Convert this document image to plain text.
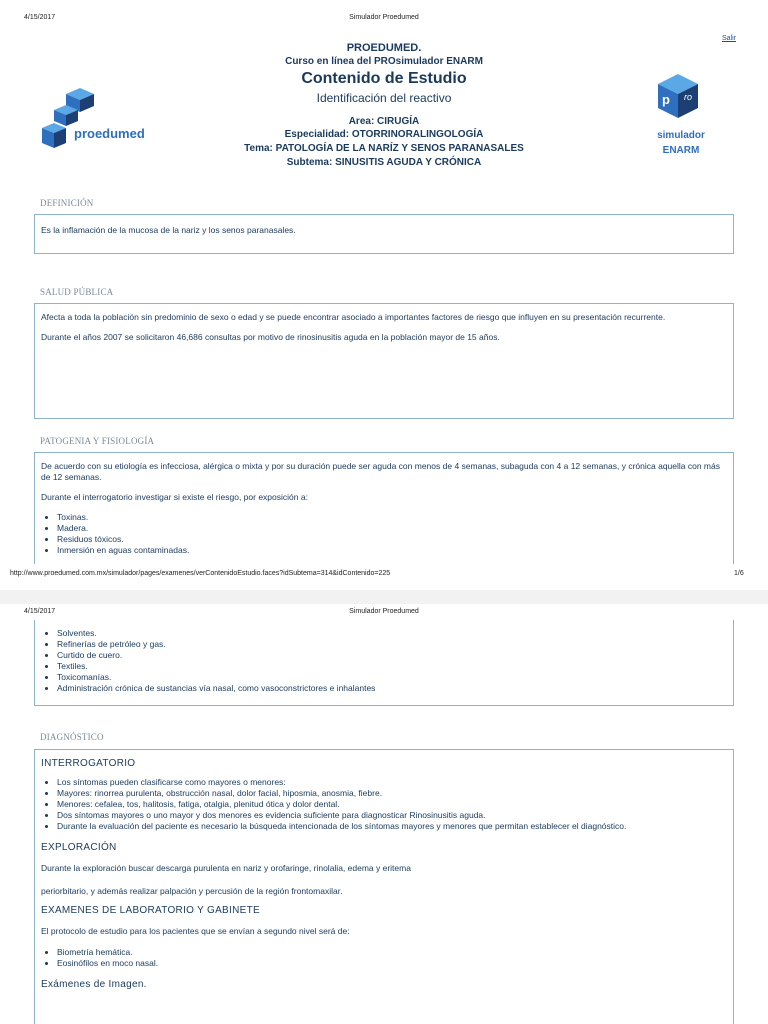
4/15/2017	Simulador Proedumed
Salir
PROEDUMED.
Curso en línea del PROsimulador ENARM
Contenido de Estudio
Identificación del reactivo
Area: CIRUGÍA
Especialidad: OTORRINORALINGOLOGÍA
Tema: PATOLOGÍA DE LA NARÍZ Y SENOS PARANASALES
Subtema: SINUSITIS AGUDA Y CRÓNICA
proedumed
p ro
simulador
ENARM
DEFINICIÓN
Es la inflamación de la mucosa de la nariz y los senos paranasales.
SALUD PÚBLICA
Afecta a toda la población sin predominio de sexo o edad y se puede encontrar asociado a importantes factores de riesgo que influyen en su presentación recurrente.
Durante el años 2007 se solicitaron 46,686 consultas por motivo de rinosinusitis aguda en la población mayor de 15 años.
PATOGENIA Y FISIOLOGÍA
De acuerdo con su etiología es infecciosa, alérgica o mixta y por su duración puede ser aguda con menos de 4 semanas, subaguda con 4 a 12 semanas, y crónica aquella con más de 12 semanas.
Durante el interrogatorio investigar si existe el riesgo, por exposición a:
• Toxinas.
• Madera.
• Residuos tóxicos.
• Inmersión en aguas contaminadas.
http://www.proedumed.com.mx/simulador/pages/examenes/verContenidoEstudio.faces?idSubtema=314&idContenido=225	1/6
4/15/2017	Simulador Proedumed
• Solventes.
• Refinerías de petróleo y gas.
• Curtido de cuero.
• Textiles.
• Toxicomanías.
• Administración crónica de sustancias vía nasal, como vasoconstrictores e inhalantes
DIAGNÓSTICO
INTERROGATORIO
• Los síntomas pueden clasificarse como mayores o menores:
• Mayores: rinorrea purulenta, obstrucción nasal, dolor facial, hiposmia, anosmia, fiebre.
• Menores: cefalea, tos, halitosis, fatiga, otalgia, plenitud ótica y dolor dental.
• Dos síntomas mayores o uno mayor y dos menores es evidencia suficiente para diagnosticar Rinosinusitis aguda.
• Durante la evaluación del paciente es necesario la búsqueda intencionada de los síntomas mayores y menores que permitan establecer el diagnóstico.
EXPLORACIÓN
Durante la exploración buscar descarga purulenta en nariz y orofaringe, rinolalia, edema y eritema
periorbitario, y además realizar palpación y percusión de la región frontomaxilar.
EXAMENES DE LABORATORIO Y GABINETE
El protocolo de estudio para los pacientes que se envían a segundo nivel será de:
• Biometría hemática.
• Eosinófilos en moco nasal.
Exámenes de Imagen.
